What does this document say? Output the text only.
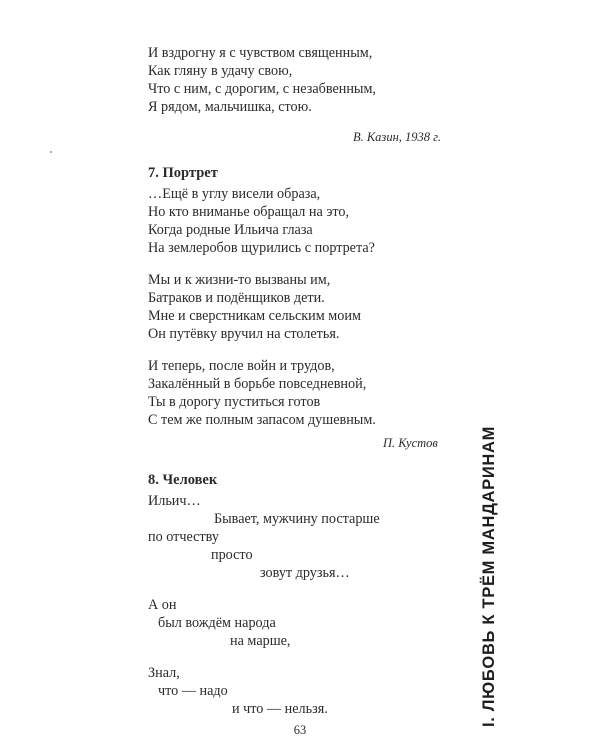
И вздрогну я с чувством священным,
Как гляну в удачу свою,
Что с ним, с дорогим, с незабвенным,
Я рядом, мальчишка, стою.
В. Казин, 1938 г.
7. Портрет
…Ещё в углу висели образа,
Но кто вниманье обращал на это,
Когда родные Ильича глаза
На землеробов щурились с портрета?
Мы и к жизни-то вызваны им,
Батраков и подёнщиков дети.
Мне и сверстникам сельским моим
Он путёвку вручил на столетья.
И теперь, после войн и трудов,
Закалённый в борьбе повседневной,
Ты в дорогу пуститься готов
С тем же полным запасом душевным.
П. Кустов
8. Человек
Ильич…
Бывает, мужчину постарше
по отчеству
просто
зовут друзья…
А он
был вождём народа
на марше,
Знал,
что — надо
и что — нельзя.	I. ЛЮБОВЬ К ТРЁМ МАНДАРИНАМ
63
